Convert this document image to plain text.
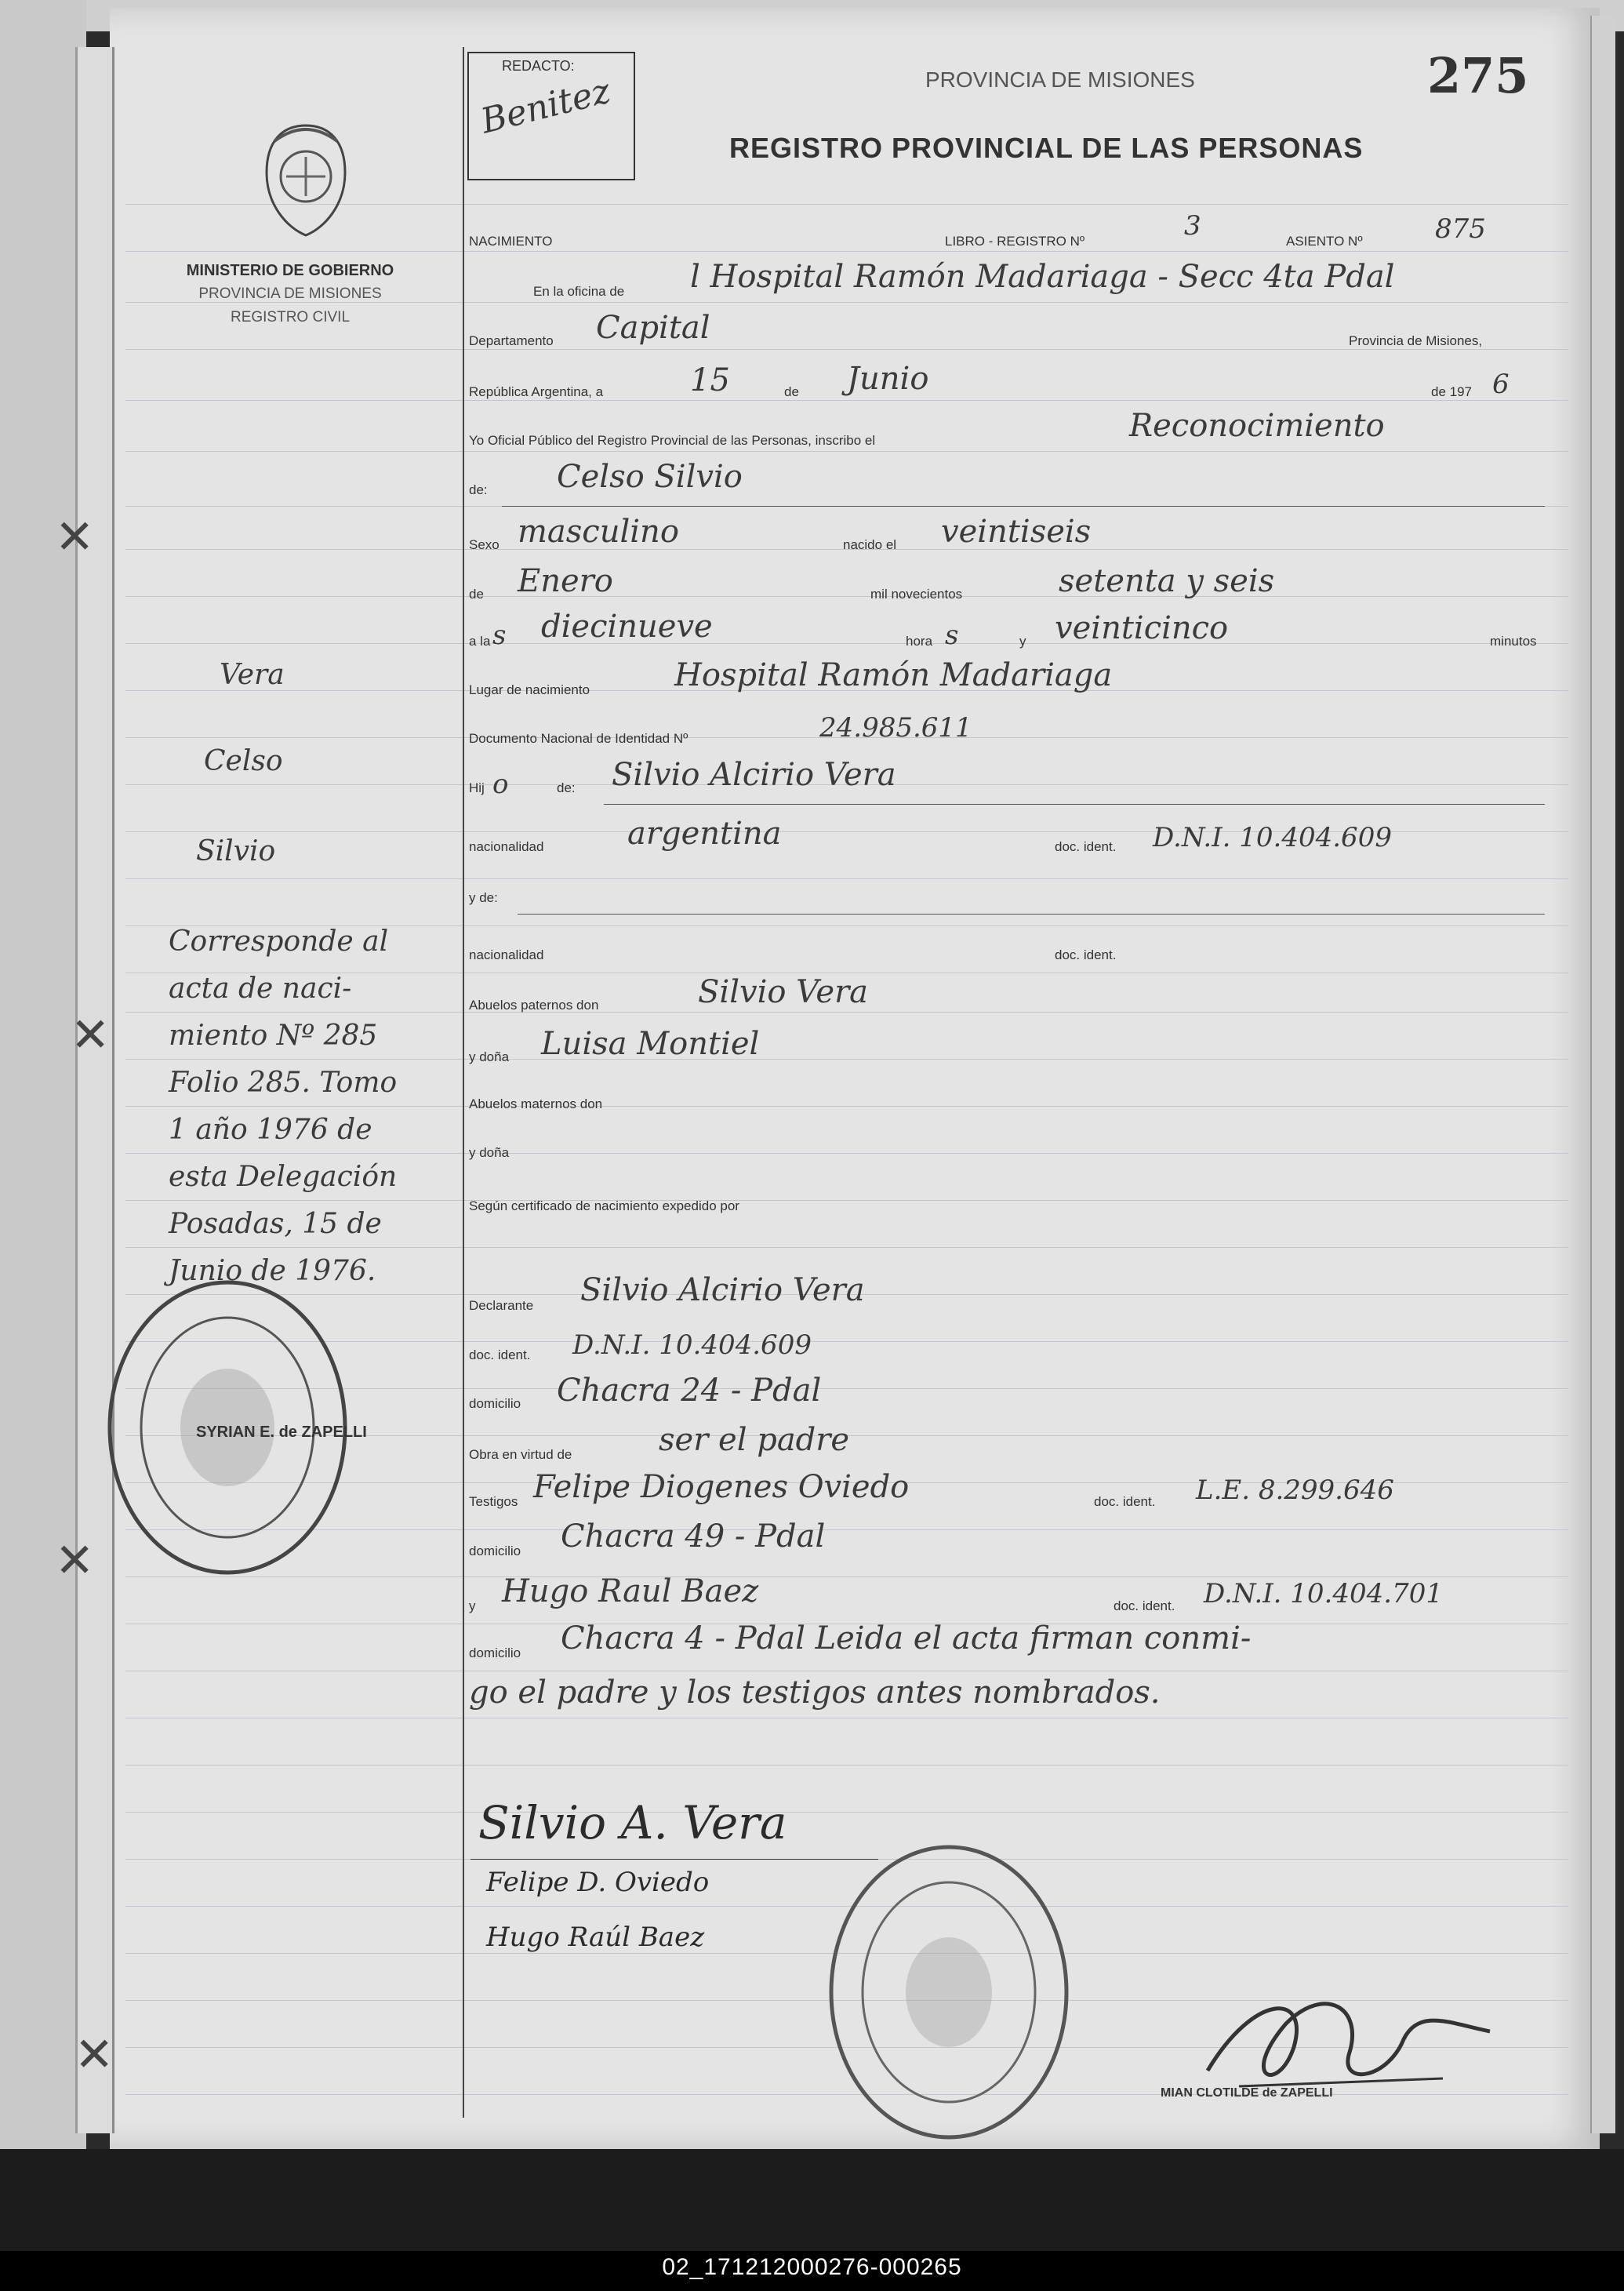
REDACTO:
Benitez
MINISTERIO DE GOBIERNO
PROVINCIA DE MISIONES
REGISTRO CIVIL
PROVINCIA DE MISIONES	275
REGISTRO PROVINCIAL DE LAS PERSONAS
NACIMIENTO	LIBRO - REGISTRO Nº	3	ASIENTO Nº	875
En la oficina de l Hospital Ramón Madariaga - Secc 4ta Pdal
Departamento Capital	Provincia de Misiones,
República Argentina, a	15	de Junio	de 197 6
Yo Oficial Público del Registro Provincial de las Personas, inscribo el	Reconocimiento
de: Celso Silvio
Sexo masculino	nacido el veintiseis
de Enero	mil novecientos	setenta y seis
a la s diecinueve	hora s	y veinticinco	minutos
Lugar de nacimiento	Hospital Ramón Madariaga
Documento Nacional de Identidad Nº	24.985.611
Hij o	de: Silvio Alcirio Vera
nacionalidad	argentina	doc. ident. D.N.I. 10.404.609
y de:
nacionalidad	doc. ident.
Abuelos paternos don	Silvio Vera
y doña Luisa Montiel
Abuelos maternos don
y doña
Según certificado de nacimiento expedido por
Declarante Silvio Alcirio Vera
doc. ident. D.N.I. 10.404.609
domicilio Chacra 24 - Pdal
Obra en virtud de	ser el padre
Testigos Felipe Diogenes Oviedo	doc. ident. L.E. 8.299.646
domicilio Chacra 49 - Pdal
y Hugo Raul Baez	doc. ident. D.N.I. 10.404.701
domicilio Chacra 4 - Pdal Leida el acta firman conmi-
go el padre y los testigos antes nombrados.
Vera
Celso
Silvio
Corresponde al
acta de naci-
miento Nº 285
Folio 285. Tomo
1 año 1976 de
esta Delegación
Posadas, 15 de
Junio de 1976.
SYRIAN E. de ZAPELLI
MIAN CLOTILDE de ZAPELLI
✕
✕
✕
✕
Silvio A. Vera
Felipe D. Oviedo
Hugo Raúl Baez
02_171212000276-000265
